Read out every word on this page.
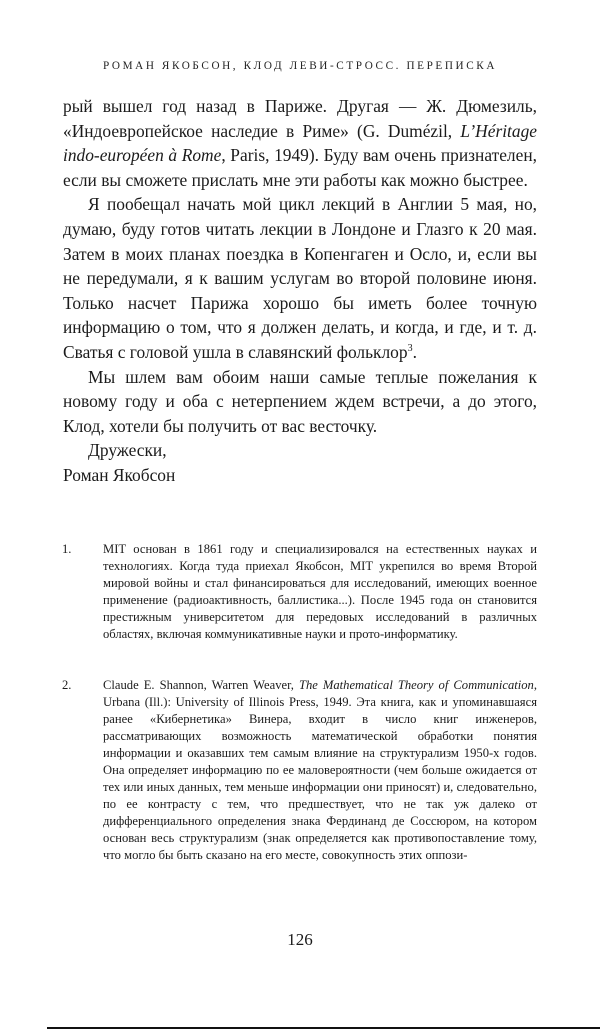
РОМАН ЯКОБСОН, КЛОД ЛЕВИ-СТРОСС. ПЕРЕПИСКА

рый вышел год назад в Париже. Другая — Ж. Дюмезиль, «Индоевропейское наследие в Риме» (G. Dumézil, L’Héritage indo-européen à Rome, Paris, 1949). Буду вам очень признателен, если вы сможете прислать мне эти работы как можно быстрее.

Я пообещал начать мой цикл лекций в Англии 5 мая, но, думаю, буду готов читать лекции в Лондоне и Глазго к 20 мая. Затем в моих планах поездка в Копенгаген и Осло, и, если вы не передумали, я к вашим услугам во второй половине июня. Только насчет Парижа хорошо бы иметь более точную информацию о том, что я должен делать, и когда, и где, и т. д. Сватья с головой ушла в славянский фольклор$^3$.

Мы шлем вам обоим наши самые теплые пожелания к новому году и оба с нетерпением ждем встречи, а до этого, Клод, хотели бы получить от вас весточку.

Дружески,

Роман Якобсон

1.	MIT основан в 1861 году и специализировался на естественных науках и технологиях. Когда туда приехал Якобсон, MIT укрепился во время Второй мировой войны и стал финансироваться для исследований, имеющих военное применение (радиоактивность, баллистика...). После 1945 года он становится престижным университетом для передовых исследований в различных областях, включая коммуникативные науки и прото-информатику.
2.	Claude E. Shannon, Warren Weaver, The Mathematical Theory of Communication, Urbana (Ill.): University of Illinois Press, 1949. Эта книга, как и упоминавшаяся ранее «Кибернетика» Винера, входит в число книг инженеров, рассматривающих возможность математической обработки понятия информации и оказавших тем самым влияние на структурализм 1950-х годов. Она определяет информацию по ее маловероятности (чем больше ожидается от тех или иных данных, тем меньше информации они приносят) и, следовательно, по ее контрасту с тем, что предшествует, что не так уж далеко от дифференциального определения знака Фердинанд де Соссюром, на котором основан весь структурализм (знак определяется как противопоставление тому, что могло бы быть сказано на его месте, совокупность этих оппози-
126
